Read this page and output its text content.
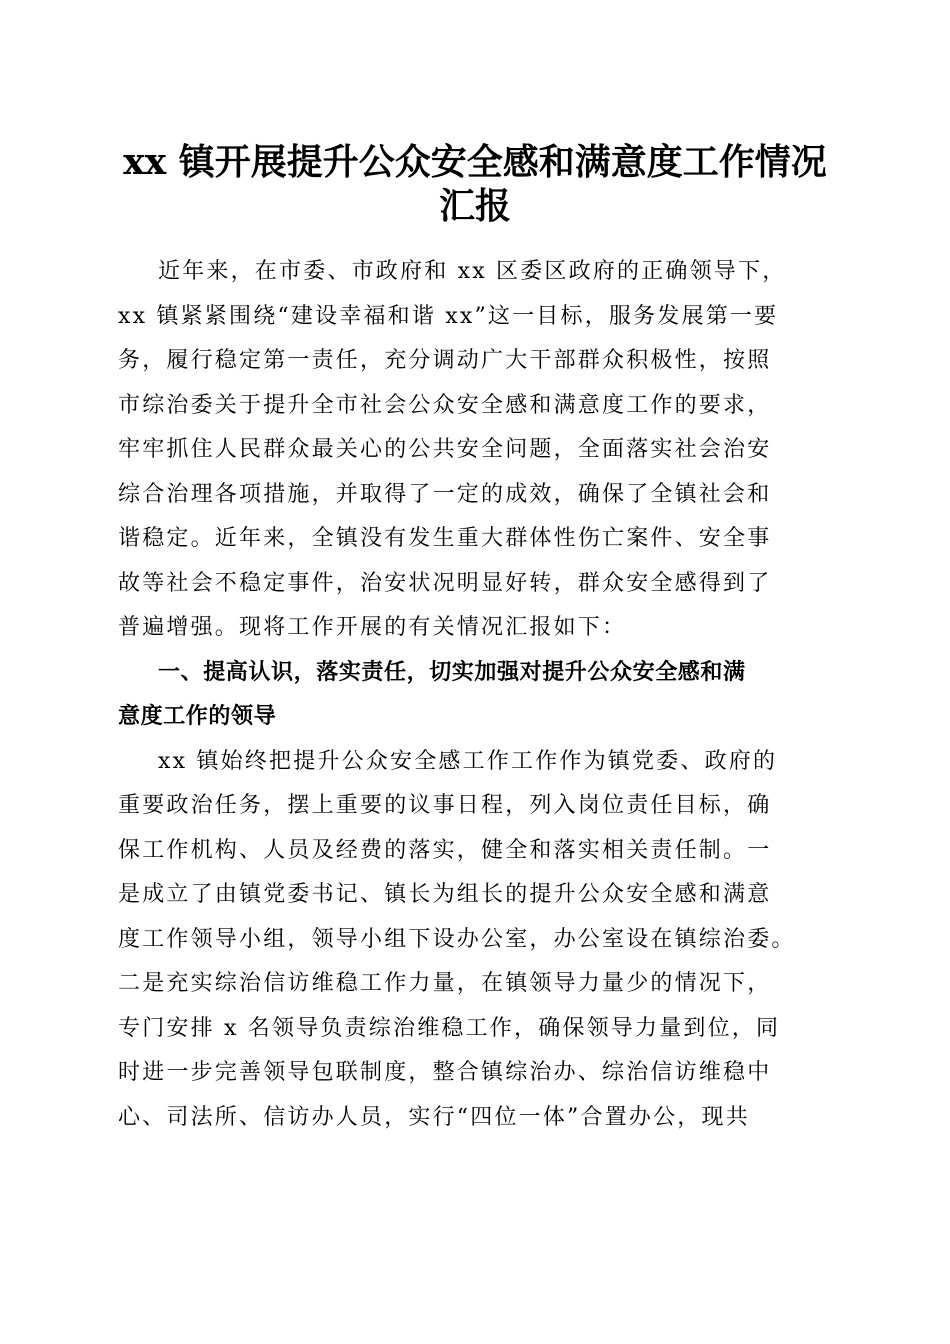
xx 镇开展提升公众安全感和满意度工作情况
汇报
近年来，在市委、市政府和 xx 区委区政府的正确领导下，
xx 镇紧紧围绕“建设幸福和谐 xx”这一目标，服务发展第一要
务，履行稳定第一责任，充分调动广大干部群众积极性，按照
市综治委关于提升全市社会公众安全感和满意度工作的要求，
牢牢抓住人民群众最关心的公共安全问题，全面落实社会治安
综合治理各项措施，并取得了一定的成效，确保了全镇社会和
谐稳定。近年来，全镇没有发生重大群体性伤亡案件、安全事
故等社会不稳定事件，治安状况明显好转，群众安全感得到了
普遍增强。现将工作开展的有关情况汇报如下：
一、提高认识，落实责任，切实加强对提升公众安全感和满
意度工作的领导
xx 镇始终把提升公众安全感工作工作作为镇党委、政府的
重要政治任务，摆上重要的议事日程，列入岗位责任目标，确
保工作机构、人员及经费的落实，健全和落实相关责任制。一
是成立了由镇党委书记、镇长为组长的提升公众安全感和满意
度工作领导小组，领导小组下设办公室，办公室设在镇综治委。
二是充实综治信访维稳工作力量，在镇领导力量少的情况下，
专门安排 x 名领导负责综治维稳工作，确保领导力量到位，同
时进一步完善领导包联制度，整合镇综治办、综治信访维稳中
心、司法所、信访办人员，实行“四位一体”合置办公，现共
